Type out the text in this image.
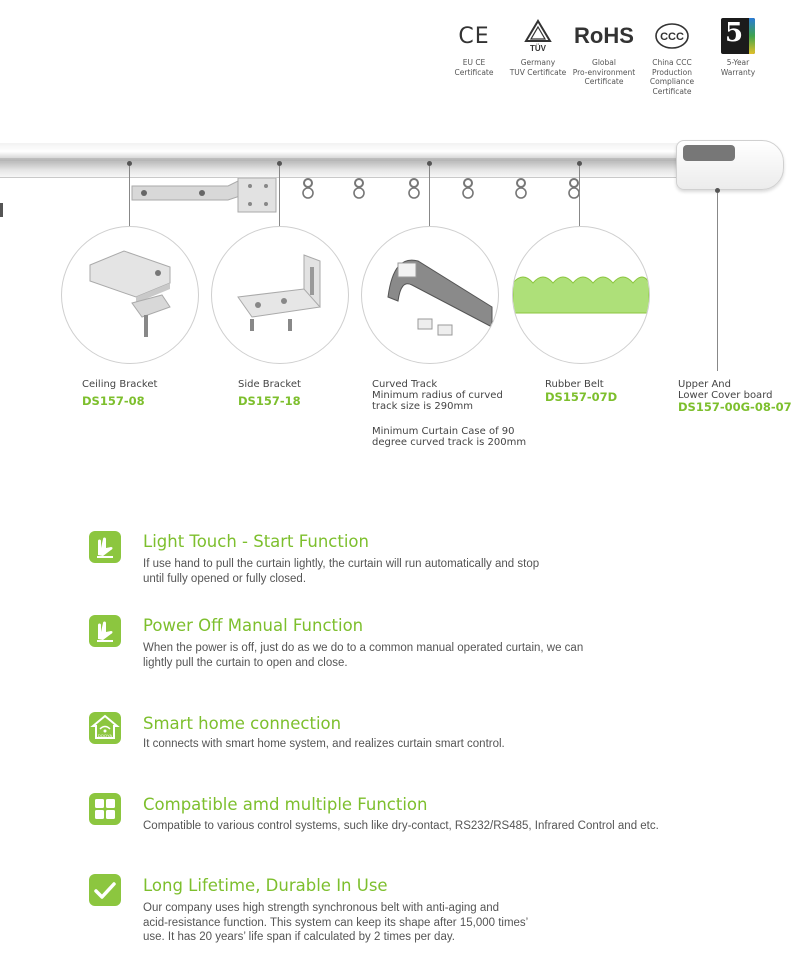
CE
EU CE
Certificate
TÜV
Germany
TUV Certificate
RoHS
Global
Pro-environment
Certificate
CCC
China CCC
Production
Compliance
Certificate
5
5-Year
Warranty
Ceiling Bracket
DS157-08
Side Bracket
DS157-18
Curved Track
Minimum radius of curved
track size is 290mm
Minimum Curtain Case of 90
degree curved track is 200mm
Rubber Belt
DS157-07D
Upper And
Lower Cover board
DS157-00G-08-07
Light Touch - Start Function
If use hand to pull the curtain lightly, the curtain will run automatically and stop
until fully opened or fully closed.
Power Off Manual Function
When the power is off, just do as we do to a common manual operated curtain, we can
lightly pull the curtain to open and close.
DOOYA
Smart home connection
It connects with smart home system, and realizes curtain smart control.
Compatible amd multiple Function
Compatible to various control systems, such like dry-contact, RS232/RS485, Infrared Control and etc.
Long Lifetime, Durable In Use
Our company uses high strength synchronous belt with anti-aging and
acid-resistance function. This system can keep its shape after 15,000 times’
use. It has 20 years’ life span if calculated by 2 times per day.
